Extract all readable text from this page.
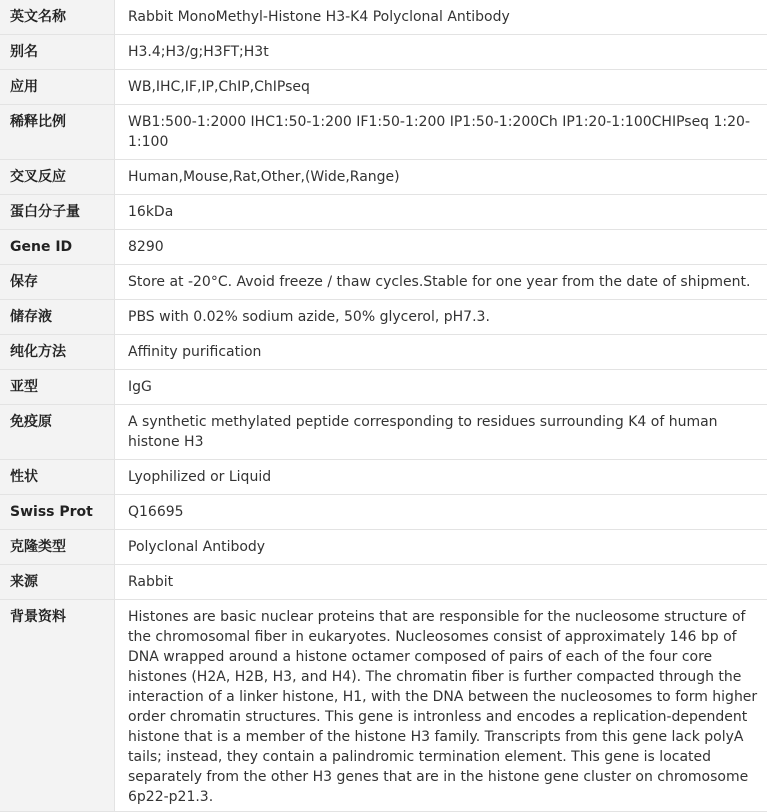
英文名称	Rabbit MonoMethyl-Histone H3-K4 Polyclonal Antibody
别名	H3.4;H3/g;H3FT;H3t
应用	WB,IHC,IF,IP,ChIP,ChIPseq
稀释比例	WB1:500-1:2000 IHC1:50-1:200 IF1:50-1:200 IP1:50-1:200Ch IP1:20-1:100CHIPseq 1:20-1:100
交叉反应	Human,Mouse,Rat,Other,(Wide,Range)
蛋白分子量	16kDa
Gene ID	8290
保存	Store at -20°C. Avoid freeze / thaw cycles.Stable for one year from the date of shipment.
储存液	PBS with 0.02% sodium azide, 50% glycerol, pH7.3.
纯化方法	Affinity purification
亚型	IgG
免疫原	A synthetic methylated peptide corresponding to residues surrounding K4 of human histone H3
性状	Lyophilized or Liquid
Swiss Prot	Q16695
克隆类型	Polyclonal Antibody
来源	Rabbit
背景资料	Histones are basic nuclear proteins that are responsible for the nucleosome structure of the chromosomal fiber in eukaryotes. Nucleosomes consist of approximately 146 bp of DNA wrapped around a histone octamer composed of pairs of each of the four core histones (H2A, H2B, H3, and H4). The chromatin fiber is further compacted through the interaction of a linker histone, H1, with the DNA between the nucleosomes to form higher order chromatin structures. This gene is intronless and encodes a replication-dependent histone that is a member of the histone H3 family. Transcripts from this gene lack polyA tails; instead, they contain a palindromic termination element. This gene is located separately from the other H3 genes that are in the histone gene cluster on chromosome 6p22-p21.3.
